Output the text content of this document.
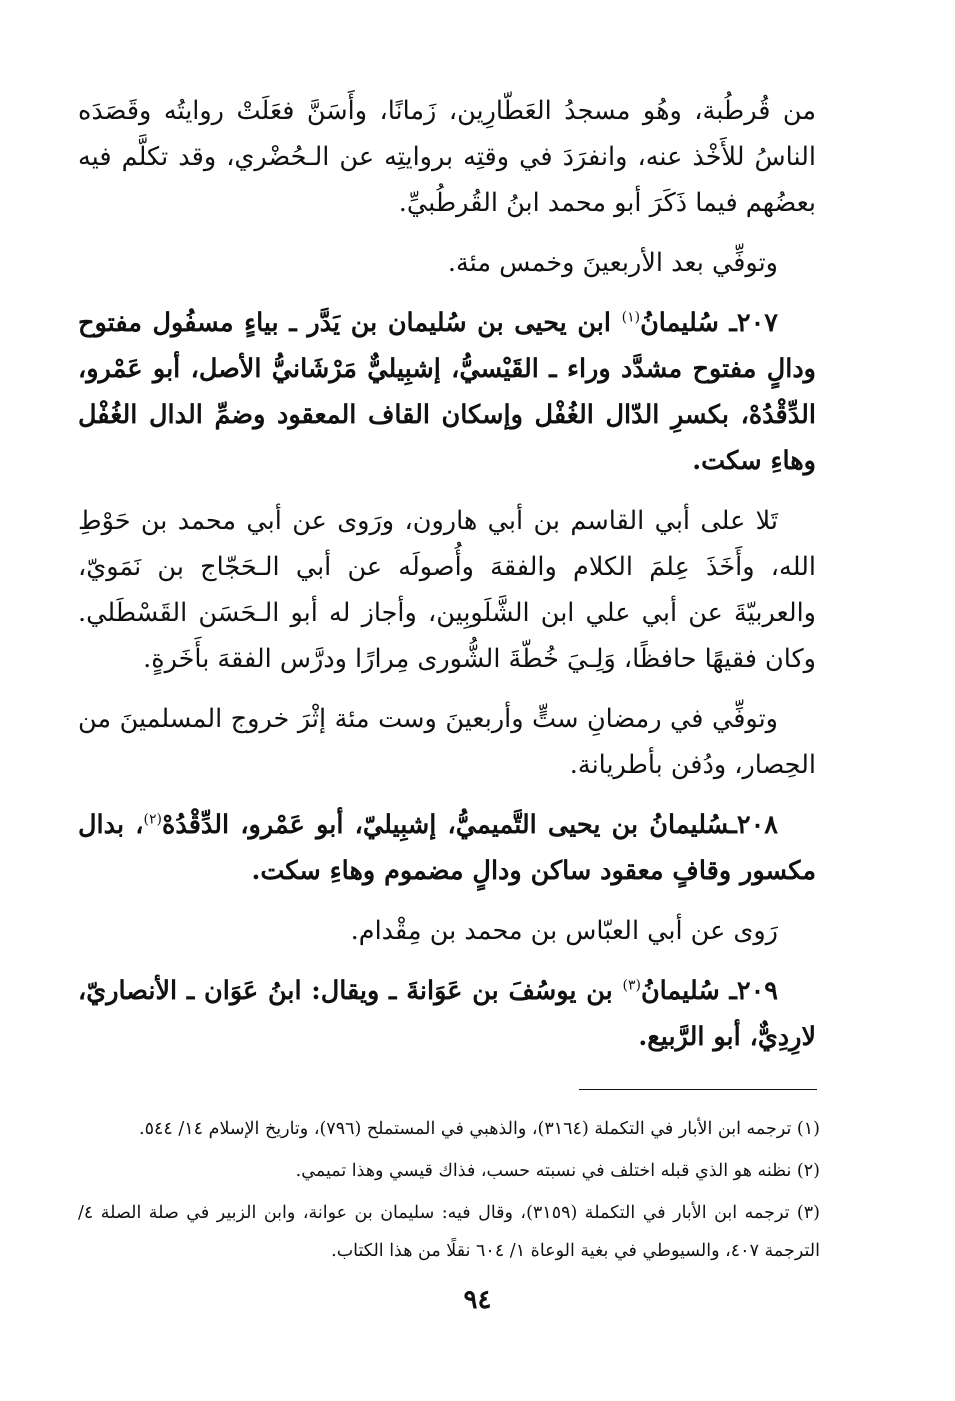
من قُرطُبة، وهُو مسجدُ العَطّارِين، زَمانًا، وأَسَنَّ فعَلَتْ روايتُه وقَصَدَه الناسُ للأَخْذ عنه، وانفرَدَ في وقتِه بروايتِه عن الـحُضْري، وقد تكلَّم فيه بعضُهم فيما ذَكَرَ أبو محمد ابنُ القُرطُبيِّ.

وتوفِّي بعد الأربعينَ وخمس مئة.

٢٠٧ـ سُليمانُ$^{(١)}$ ابن يحيى بن سُليمان بن يَدَّر ـ بياءٍ مسفُول مفتوح ودالٍ مفتوح مشدَّد وراء ـ القَيْسيُّ، إشبِيليٌّ مَرْشَانيُّ الأصل، أبو عَمْرو، الدِّقْدُهْ، بكسرِ الدّال الغُفْل وإسكان القاف المعقود وضمِّ الدال الغُفْل وهاءِ سكت.

تَلا على أبي القاسم بن أبي هارون، ورَوى عن أبي محمد بن حَوْطِ الله، وأَخَذَ عِلمَ الكلام والفقهَ وأُصولَه عن أبي الـحَجّاج بن نَمَويّ، والعربيّةَ عن أبي علي ابن الشَّلَوبِين، وأجاز له أبو الـحَسَن القَسْطَلي. وكان فقيهًا حافظًا، وَلِـيَ خُطّةَ الشُّورى مِرارًا ودرَّس الفقهَ بأَخَرةٍ.

وتوفِّي في رمضانِ ستٍّ وأربعينَ وست مئة إثْرَ خروج المسلمينَ من الحِصار، ودُفن بأطريانة.

٢٠٨ـسُليمانُ بن يحيى التَّميميُّ، إشبِيليّ، أبو عَمْرو، الدِّقْدُهْ$^{(٢)}$، بدال مكسور وقافٍ معقود ساكن ودالٍ مضموم وهاءِ سكت.

رَوى عن أبي العبّاس بن محمد بن مِقْدام.

٢٠٩ـ سُليمانُ$^{(٣)}$ بن يوسُفَ بن عَوَانةَ ـ ويقال: ابنُ عَوَان ـ الأنصاريّ، لارِدِيٌّ، أبو الرَّبيع.

(١) ترجمه ابن الأبار في التكملة (٣١٦٤)، والذهبي في المستملح (٧٩٦)، وتاريخ الإسلام ١٤/ ٥٤٤.

(٢) نظنه هو الذي قبله اختلف في نسبته حسب، فذاك قيسي وهذا تميمي.

(٣) ترجمه ابن الأبار في التكملة (٣١٥٩)، وقال فيه: سليمان بن عوانة، وابن الزبير في صلة الصلة ٤/ الترجمة ٤٠٧، والسيوطي في بغية الوعاة ١/ ٦٠٤ نقلًا من هذا الكتاب.

٩٤
